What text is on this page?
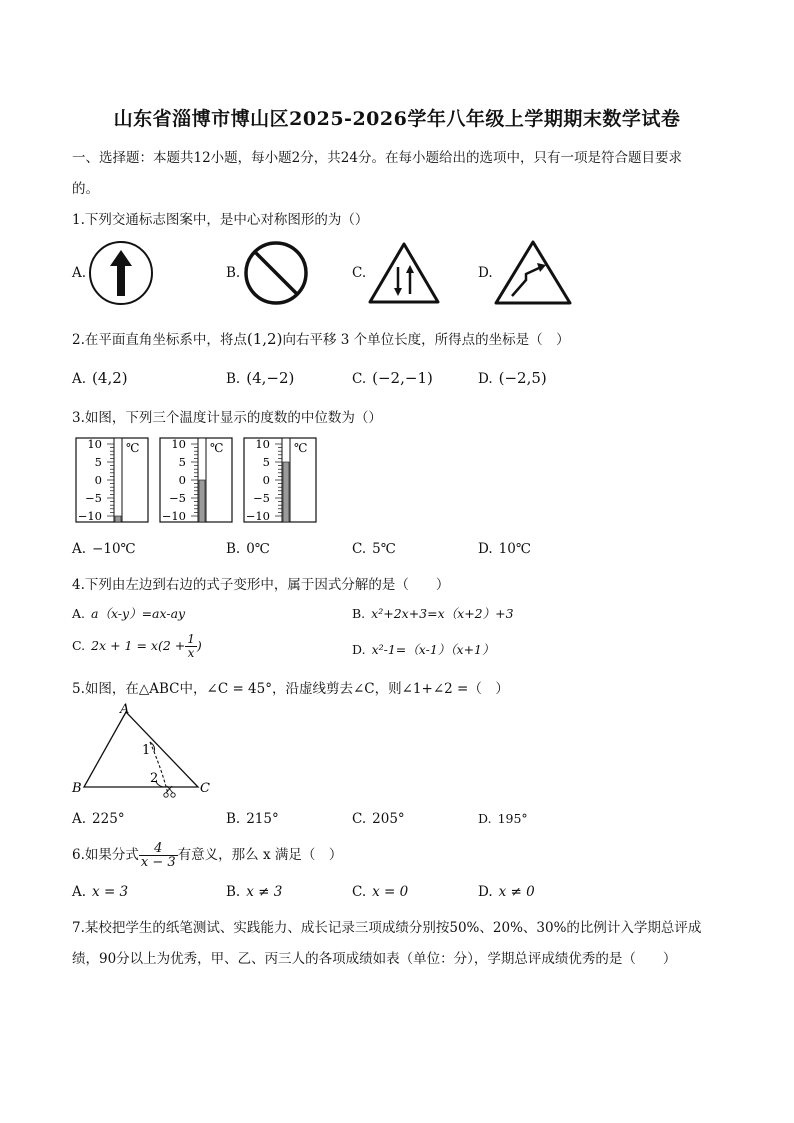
山东省淄博市博山区2025-2026学年八年级上学期期末数学试卷
一、选择题：本题共12小题，每小题2分，共24分。在每小题给出的选项中，只有一项是符合题目要求
的。
1.下列交通标志图案中，是中心对称图形的为（）
A.	B.	C.	D.
2.在平面直角坐标系中，将点(1,2)向右平移 3 个单位长度，所得点的坐标是（　）
A. (4,2)	B. (4,−2)	C. (−2,−1)	D. (−2,5)
3.如图，下列三个温度计显示的度数的中位数为（）
10
5
0
−5
−10
℃	10
5
0
−5
−10
℃	10
5
0
−5
−10
℃
A. −10℃	B. 0℃	C. 5℃	D. 10℃
4.下列由左边到右边的式子变形中，属于因式分解的是（　　）
A. a（x-y）=ax-ay	B. x²+2x+3=x（x+2）+3
C. $2x + 1 = x(2 + \frac{1}{x}$ )	D. x²-1=（x-1）（x+1）
5.如图，在△ABC中，∠C = 45°，沿虚线剪去∠C，则∠1+∠2 =（　）
A
B	C
1
2
A. 225°	B. 215°	C. 205°	D. 195°
6.如果分式 $\frac{4}{x - 3}$ 有意义，那么 x 满足（　）
A. x = 3	B. x ≠ 3	C. x = 0	D. x ≠ 0
7.某校把学生的纸笔测试、实践能力、成长记录三项成绩分别按50%、20%、30%的比例计入学期总评成
绩，90分以上为优秀，甲、乙、丙三人的各项成绩如表（单位：分），学期总评成绩优秀的是（　　）
